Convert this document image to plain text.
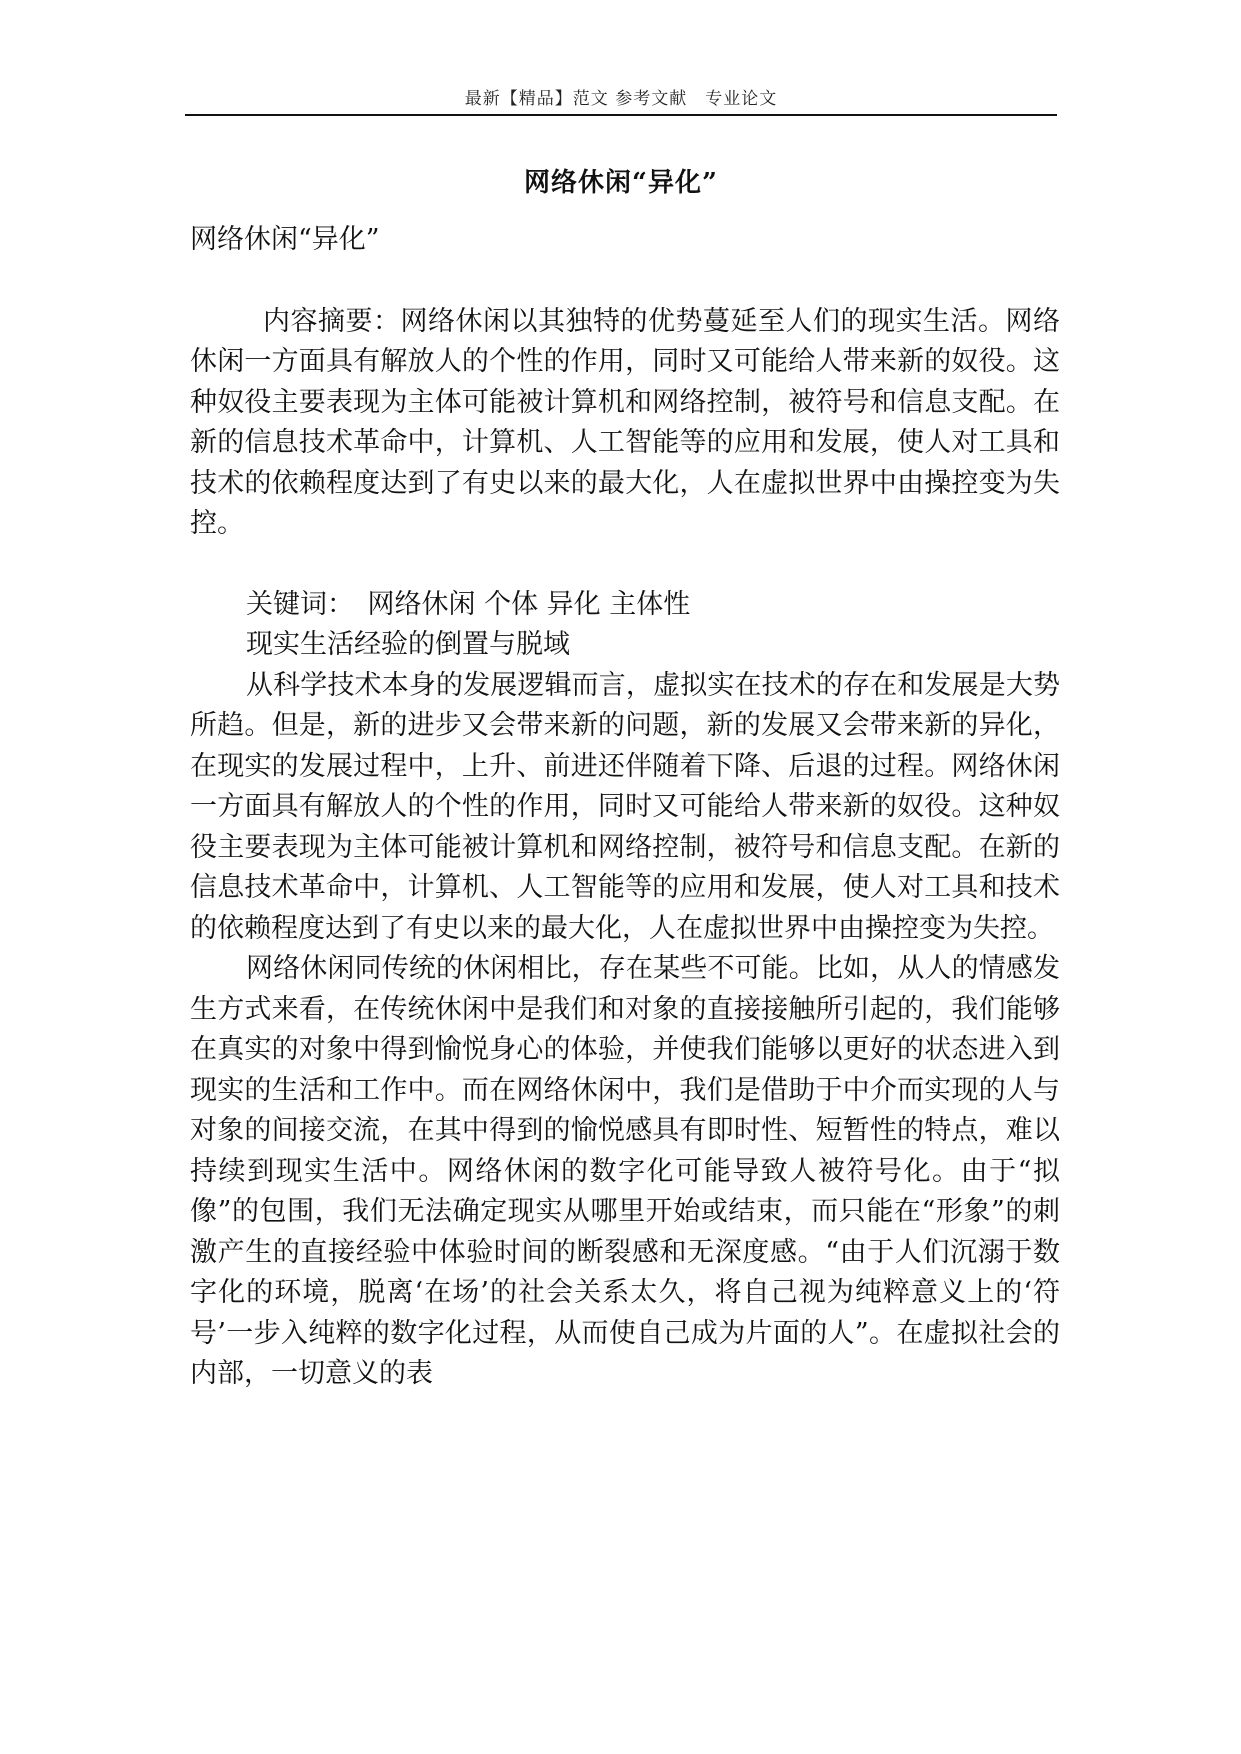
最新【精品】范文 参考文献　专业论文
网络休闲“异化”

网络休闲“异化”

内容摘要：网络休闲以其独特的优势蔓延至人们的现实生活。网络休闲一方面具有解放人的个性的作用，同时又可能给人带来新的奴役。这种奴役主要表现为主体可能被计算机和网络控制，被符号和信息支配。在新的信息技术革命中，计算机、人工智能等的应用和发展，使人对工具和技术的依赖程度达到了有史以来的最大化，人在虚拟世界中由操控变为失控。

关键词：　网络休闲 个体 异化 主体性

现实生活经验的倒置与脱域

从科学技术本身的发展逻辑而言，虚拟实在技术的存在和发展是大势所趋。但是，新的进步又会带来新的问题，新的发展又会带来新的异化，在现实的发展过程中，上升、前进还伴随着下降、后退的过程。网络休闲一方面具有解放人的个性的作用，同时又可能给人带来新的奴役。这种奴役主要表现为主体可能被计算机和网络控制，被符号和信息支配。在新的信息技术革命中，计算机、人工智能等的应用和发展，使人对工具和技术的依赖程度达到了有史以来的最大化，人在虚拟世界中由操控变为失控。

网络休闲同传统的休闲相比，存在某些不可能。比如，从人的情感发生方式来看，在传统休闲中是我们和对象的直接接触所引起的，我们能够在真实的对象中得到愉悦身心的体验，并使我们能够以更好的状态进入到现实的生活和工作中。而在网络休闲中，我们是借助于中介而实现的人与对象的间接交流，在其中得到的愉悦感具有即时性、短暂性的特点，难以持续到现实生活中。网络休闲的数字化可能导致人被符号化。由于“拟像”的包围，我们无法确定现实从哪里开始或结束，而只能在“形象”的刺激产生的直接经验中体验时间的断裂感和无深度感。“由于人们沉溺于数字化的环境，脱离‘在场’的社会关系太久，将自己视为纯粹意义上的‘符号’一步入纯粹的数字化过程，从而使自己成为片面的人”。在虚拟社会的内部，一切意义的表
